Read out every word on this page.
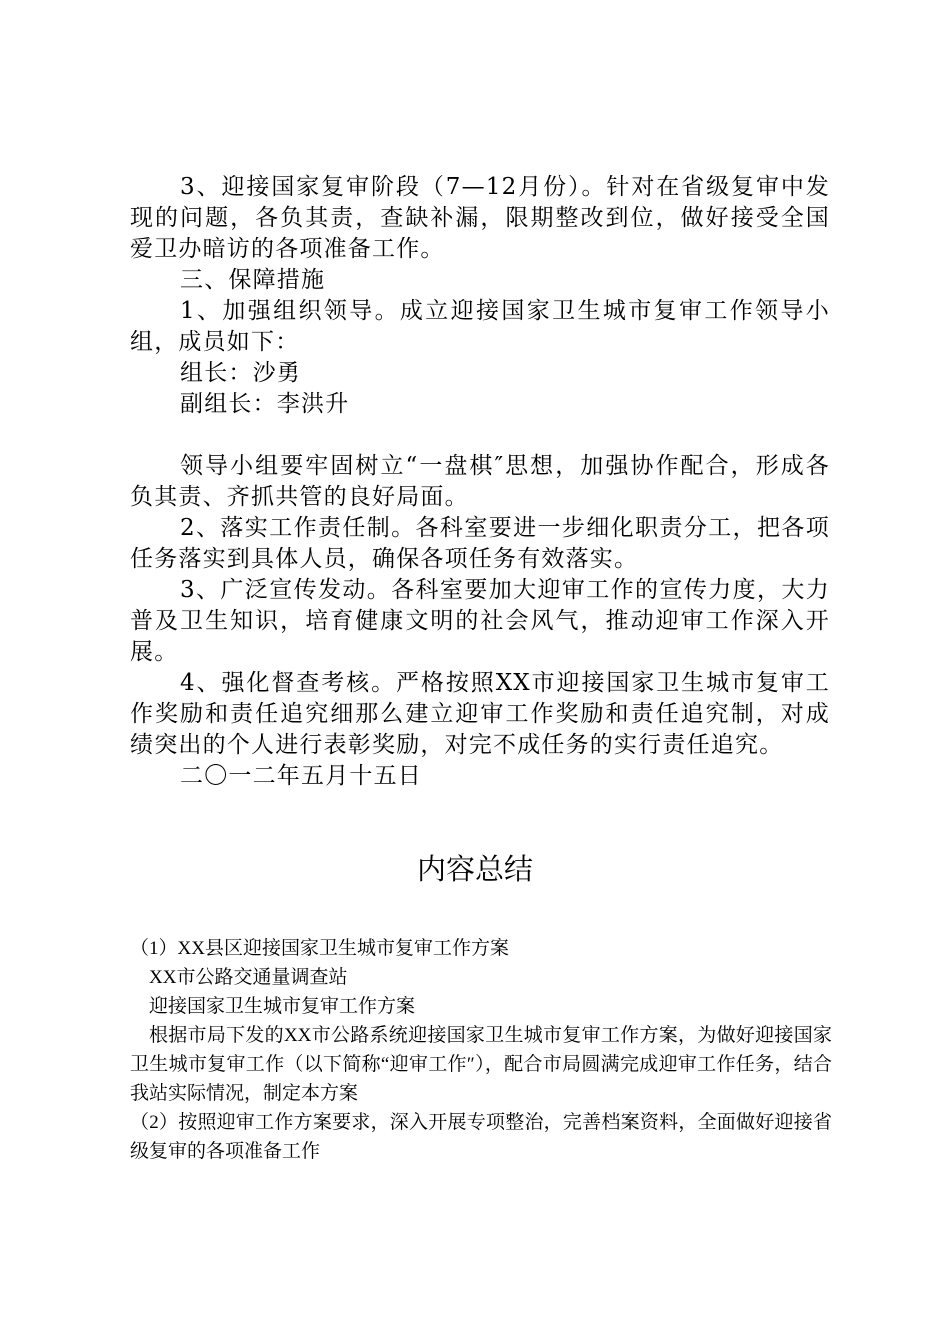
3、迎接国家复审阶段（7—12月份）。针对在省级复审中发现的问题，各负其责，查缺补漏，限期整改到位，做好接受全国爱卫办暗访的各项准备工作。

三、保障措施

1、加强组织领导。成立迎接国家卫生城市复审工作领导小组，成员如下：

组长：沙勇

副组长：李洪升

领导小组要牢固树立“一盘棋″思想，加强协作配合，形成各负其责、齐抓共管的良好局面。

2、落实工作责任制。各科室要进一步细化职责分工，把各项任务落实到具体人员，确保各项任务有效落实。

3、广泛宣传发动。各科室要加大迎审工作的宣传力度，大力普及卫生知识，培育健康文明的社会风气，推动迎审工作深入开展。

4、强化督查考核。严格按照XX市迎接国家卫生城市复审工作奖励和责任追究细那么建立迎审工作奖励和责任追究制，对成绩突出的个人进行表彰奖励，对完不成任务的实行责任追究。

二〇一二年五月十五日

内容总结

（1）XX县区迎接国家卫生城市复审工作方案

XX市公路交通量调查站

迎接国家卫生城市复审工作方案

根据市局下发的XX市公路系统迎接国家卫生城市复审工作方案，为做好迎接国家卫生城市复审工作（以下简称“迎审工作″），配合市局圆满完成迎审工作任务，结合我站实际情况，制定本方案

（2）按照迎审工作方案要求，深入开展专项整治，完善档案资料，全面做好迎接省级复审的各项准备工作
